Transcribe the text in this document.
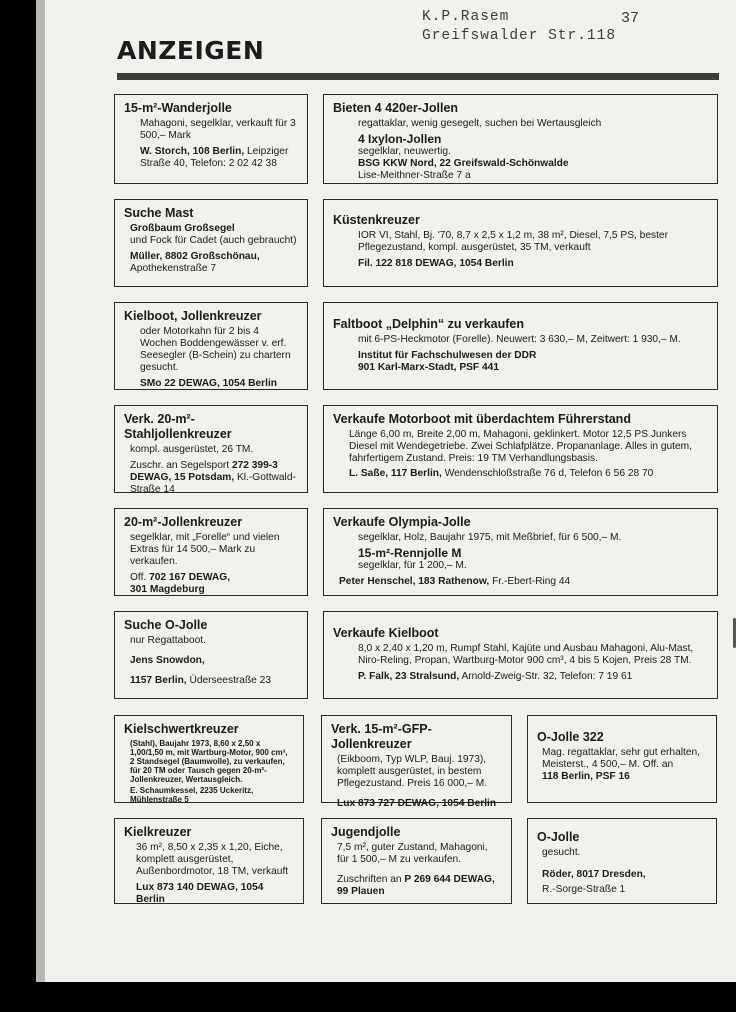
K.P.Rasem
Greifswalder Str.118
37
ANZEIGEN

15-m²-Wanderjolle

Mahagoni, segelklar, verkauft für 3 500,– Mark

W. Storch, 108 Berlin, Leipziger Straße 40, Telefon: 2 02 42 38

Bieten 4 420er-Jollen

regattaklar, wenig gesegelt, suchen bei Wertausgleich

4 Ixylon-Jollen

segelklar, neuwertig.

BSG KKW Nord, 22 Greifswald-Schönwalde

Lise-Meithner-Straße 7 a

Suche Mast

Großbaum Großsegel

und Fock für Cadet (auch gebraucht)

Müller, 8802 Großschönau,

Apothekenstraße 7

Küstenkreuzer

IOR VI, Stahl, Bj. '70, 8,7 x 2,5 x 1,2 m, 38 m², Diesel, 7,5 PS, bester Pflegezustand, kompl. ausgerüstet, 35 TM, verkauft

Fil. 122 818 DEWAG, 1054 Berlin

Kielboot, Jollenkreuzer

oder Motorkahn für 2 bis 4 Wochen Boddengewässer v. erf. Seesegler (B-Schein) zu chartern gesucht.

SMo 22 DEWAG, 1054 Berlin

Faltboot „Delphin“ zu verkaufen

mit 6-PS-Heckmotor (Forelle). Neuwert: 3 630,– M, Zeitwert: 1 930,– M.

Institut für Fachschulwesen der DDR

901 Karl-Marx-Stadt, PSF 441

Verk. 20-m²-Stahljollenkreuzer

kompl. ausgerüstet, 26 TM.

Zuschr. an Segelsport 272 399-3

DEWAG, 15 Potsdam, Kl.-Gottwald-Straße 14

Verkaufe Motorboot mit überdachtem Führerstand

Länge 6,00 m, Breite 2,00 m, Mahagoni, geklinkert. Motor 12,5 PS Junkers Diesel mit Wendegetriebe. Zwei Schlafplätze. Propananlage. Alles in gutem, fahrfertigem Zustand. Preis: 19 TM Verhandlungsbasis.

L. Saße, 117 Berlin, Wendenschloßstraße 76 d, Telefon 6 56 28 70

20-m²-Jollenkreuzer

segelklar, mit „Forelle“ und vielen Extras für 14 500,– Mark zu verkaufen.

Off. 702 167 DEWAG,

301 Magdeburg

Verkaufe Olympia-Jolle

segelklar, Holz, Baujahr 1975, mit Meßbrief, für 6 500,– M.

15-m²-Rennjolle M

segelklar, für 1 200,– M.

Peter Henschel, 183 Rathenow, Fr.-Ebert-Ring 44

Suche O-Jolle

nur Regattaboot.

Jens Snowdon,

1157 Berlin, Üderseestraße 23

Verkaufe Kielboot

8,0 x 2,40 x 1,20 m, Rumpf Stahl, Kajüte und Ausbau Mahagoni, Alu-Mast, Niro-Reling, Propan, Wartburg-Motor 900 cm³, 4 bis 5 Kojen, Preis 28 TM.

P. Falk, 23 Stralsund, Arnold-Zweig-Str. 32, Telefon: 7 19 61

Kielschwertkreuzer

(Stahl), Baujahr 1973, 8,60 x 2,50 x 1,00/1,50 m, mit Wartburg-Motor, 900 cm³, 2 Standsegel (Baumwolle), zu verkaufen, für 20 TM oder Tausch gegen 20-m²-Jollenkreuzer, Wertausgleich.

E. Schaumkessel, 2235 Uckeritz, Mühlenstraße 5

Verk. 15-m²-GFP-Jollenkreuzer

(Eikboom, Typ WLP, Bauj. 1973), komplett ausgerüstet, in bestem Pflegezustand. Preis 16 000,– M.

Lux 873 727 DEWAG, 1054 Berlin

O-Jolle 322

Mag. regattaklar, sehr gut erhalten, Meisterst., 4 500,– M. Off. an

118 Berlin, PSF 16

Kielkreuzer

36 m², 8,50 x 2,35 x 1,20, Eiche, komplett ausgerüstet, Außenbordmotor, 18 TM, verkauft

Lux 873 140 DEWAG, 1054 Berlin

Jugendjolle

7,5 m², guter Zustand, Mahagoni, für 1 500,– M zu verkaufen.

Zuschriften an P 269 644 DEWAG,

99 Plauen

O-Jolle

gesucht.

Röder, 8017 Dresden,

R.-Sorge-Straße 1
